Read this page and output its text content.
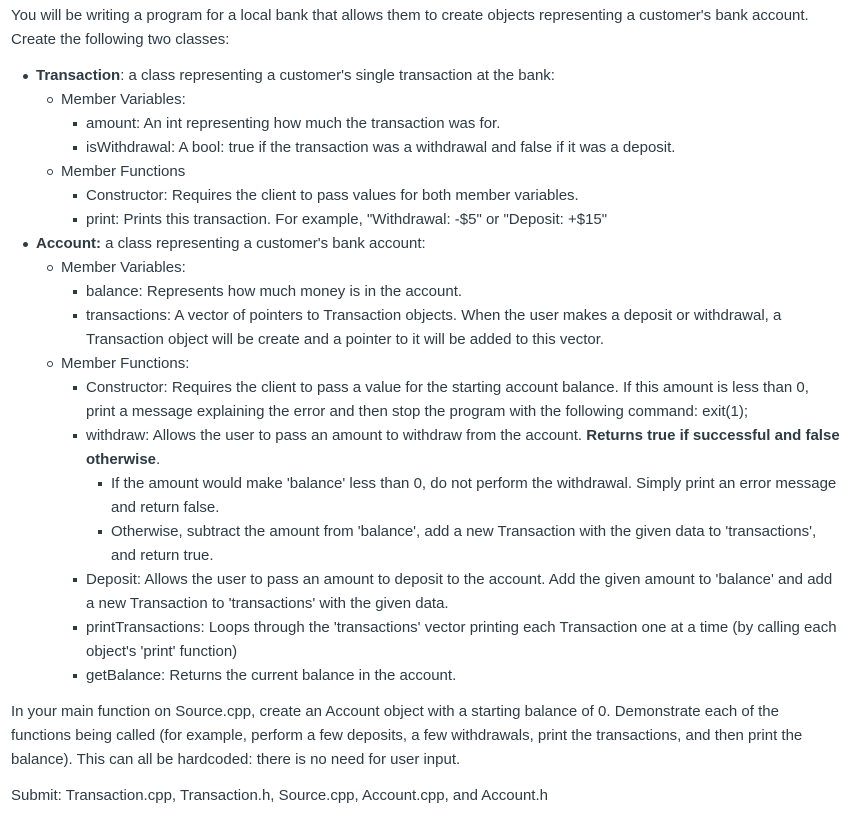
You will be writing a program for a local bank that allows them to create objects representing a customer's bank account. Create the following two classes:

Transaction: a class representing a customer's single transaction at the bank:
Member Variables:
amount: An int representing how much the transaction was for.
isWithdrawal: A bool: true if the transaction was a withdrawal and false if it was a deposit.
Member Functions
Constructor: Requires the client to pass values for both member variables.
print: Prints this transaction. For example, "Withdrawal: -$5" or "Deposit: +$15"
Account: a class representing a customer's bank account:
Member Variables:
balance: Represents how much money is in the account.
transactions: A vector of pointers to Transaction objects. When the user makes a deposit or withdrawal, a Transaction object will be create and a pointer to it will be added to this vector.
Member Functions:
Constructor: Requires the client to pass a value for the starting account balance. If this amount is less than 0, print a message explaining the error and then stop the program with the following command: exit(1);
withdraw: Allows the user to pass an amount to withdraw from the account. Returns true if successful and false otherwise.
If the amount would make 'balance' less than 0, do not perform the withdrawal. Simply print an error message and return false.
Otherwise, subtract the amount from 'balance', add a new Transaction with the given data to 'transactions', and return true.
Deposit: Allows the user to pass an amount to deposit to the account. Add the given amount to 'balance' and add a new Transaction to 'transactions' with the given data.
printTransactions: Loops through the 'transactions' vector printing each Transaction one at a time (by calling each object's 'print' function)
getBalance: Returns the current balance in the account.

In your main function on Source.cpp, create an Account object with a starting balance of 0. Demonstrate each of the functions being called (for example, perform a few deposits, a few withdrawals, print the transactions, and then print the balance). This can all be hardcoded: there is no need for user input.

Submit: Transaction.cpp, Transaction.h, Source.cpp, Account.cpp, and Account.h
